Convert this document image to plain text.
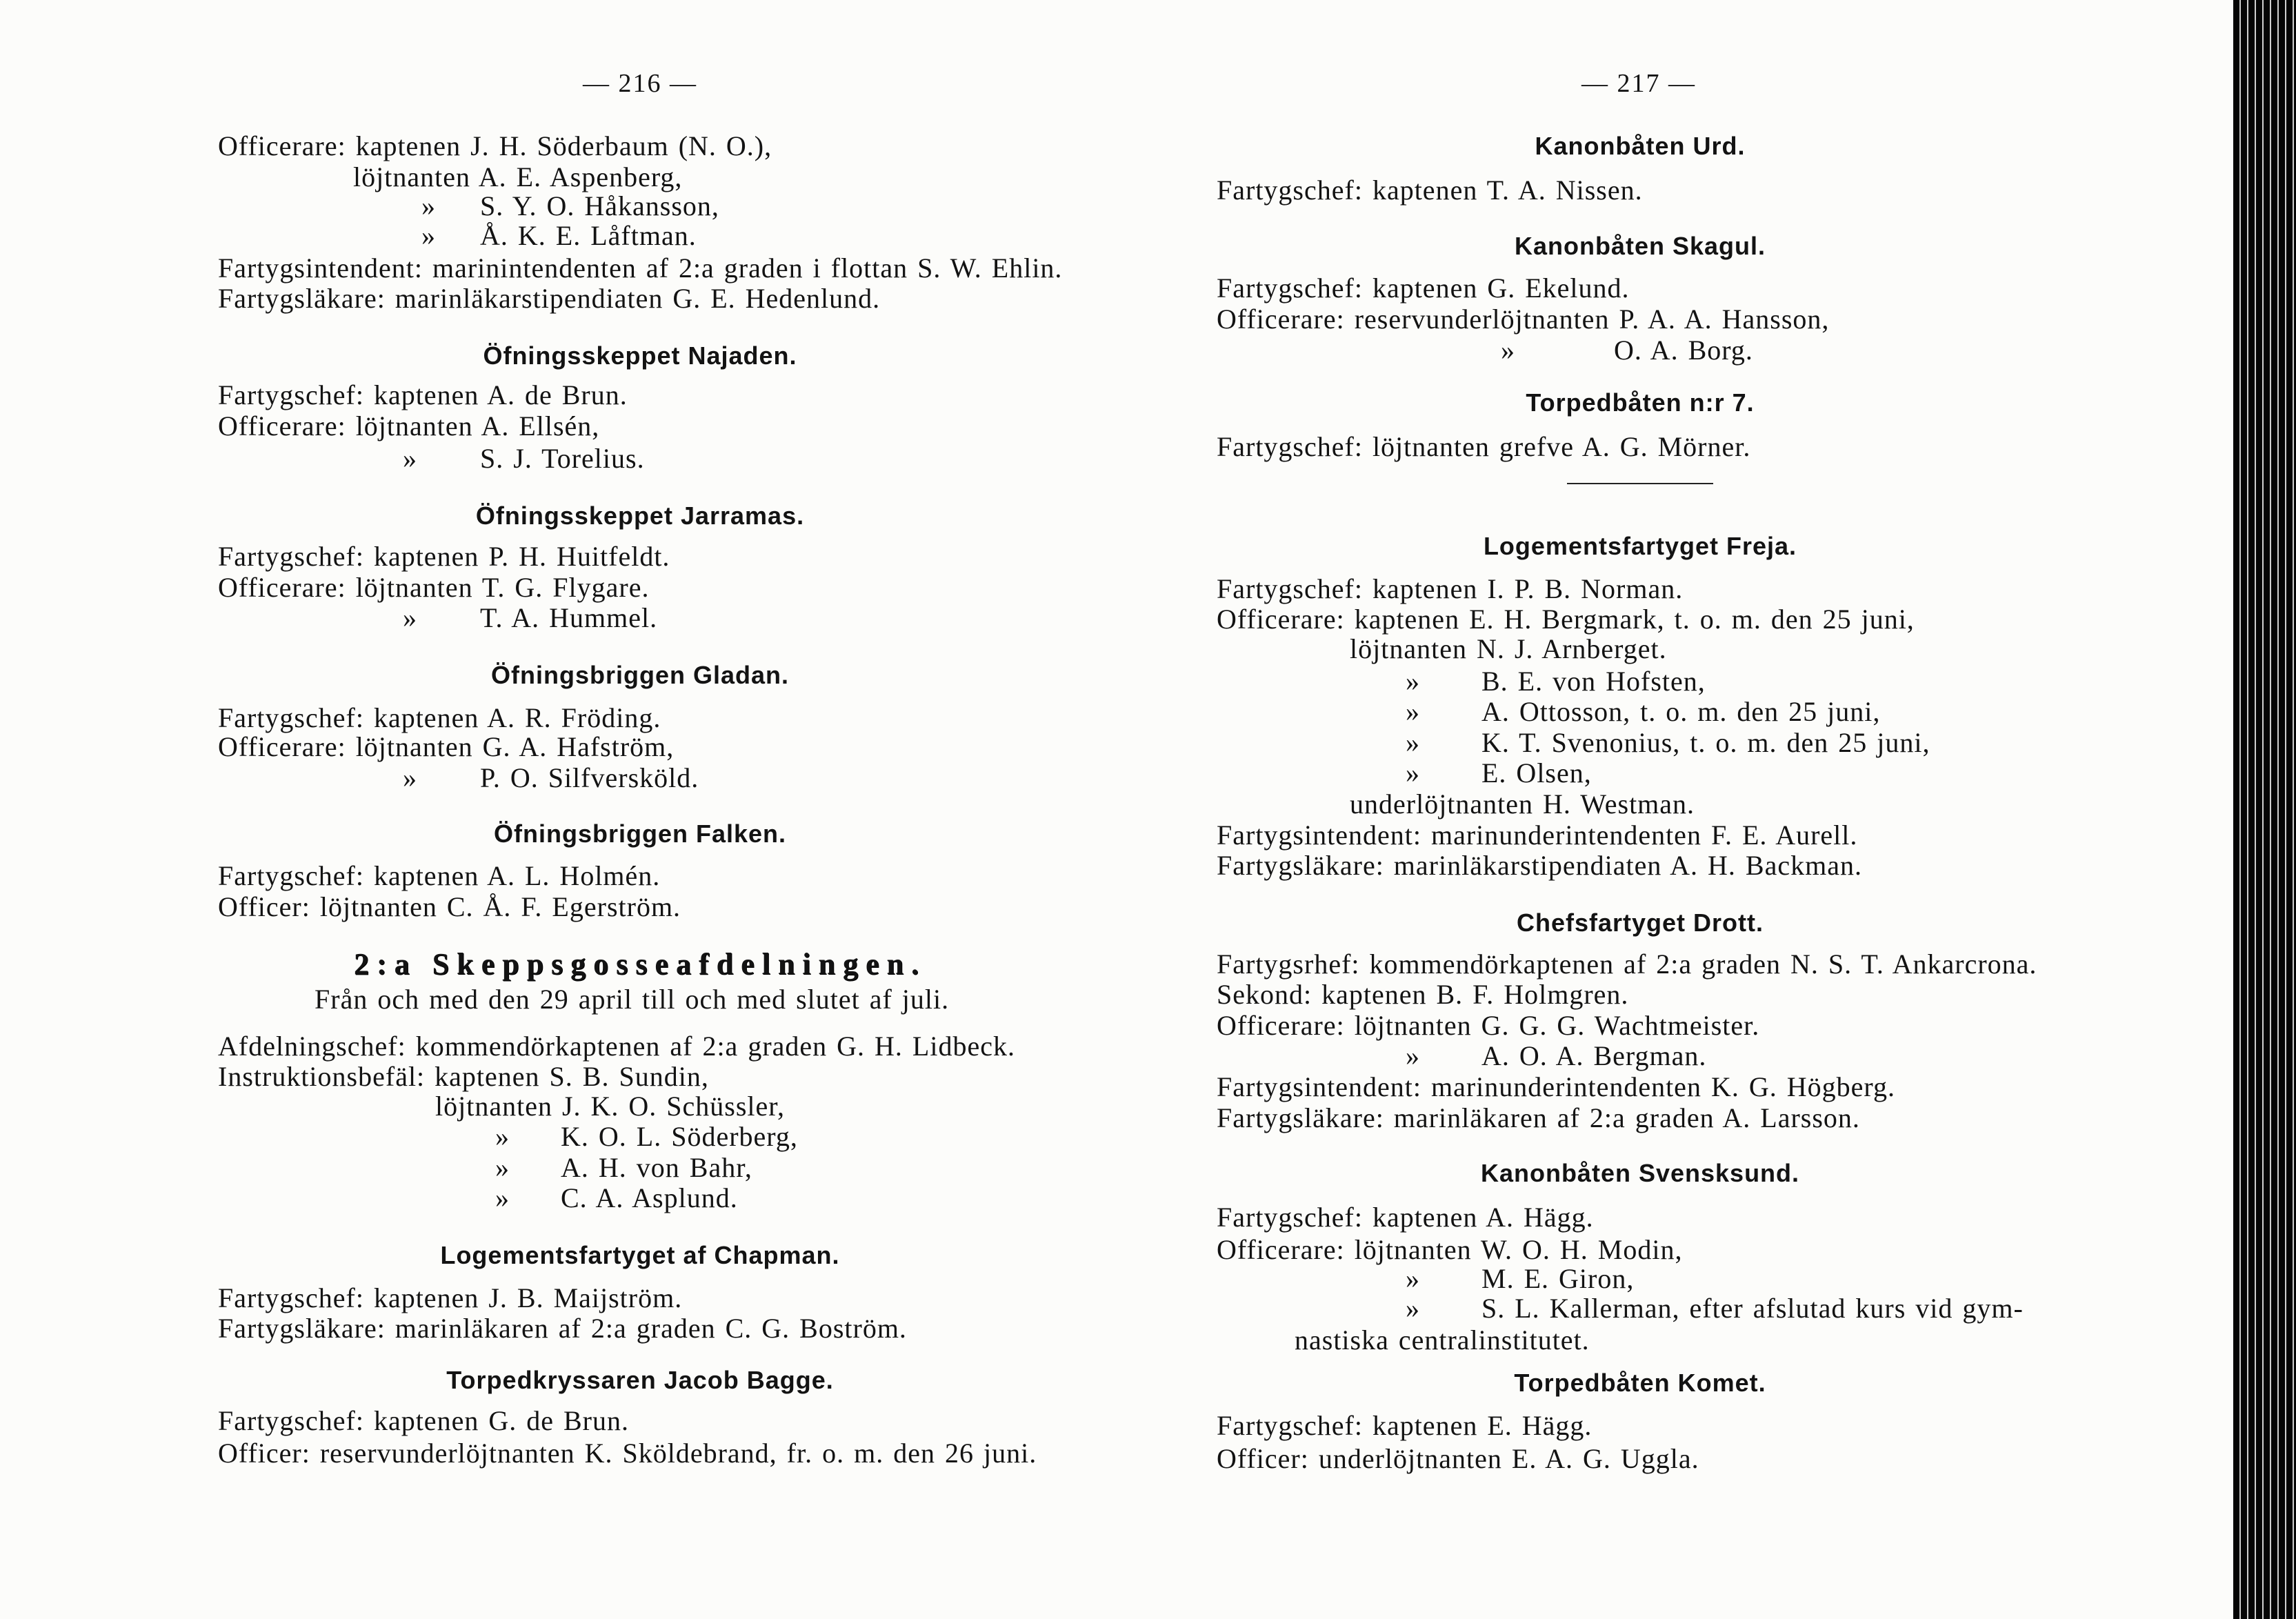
— 216 —
Officerare: kaptenen J. H. Söderbaum (N. O.),
löjtnanten A. E. Aspenberg,
» S. Y. O. Håkansson,
» Å. K. E. Låftman.
Fartygsintendent: marinintendenten af 2:a graden i flottan S. W. Ehlin.
Fartygsläkare: marinläkarstipendiaten G. E. Hedenlund.
Öfningsskeppet Najaden.
Fartygschef: kaptenen A. de Brun.
Officerare: löjtnanten A. Ellsén,
» S. J. Torelius.
Öfningsskeppet Jarramas.
Fartygschef: kaptenen P. H. Huitfeldt.
Officerare: löjtnanten T. G. Flygare.
» T. A. Hummel.
Öfningsbriggen Gladan.
Fartygschef: kaptenen A. R. Fröding.
Officerare: löjtnanten G. A. Hafström,
» P. O. Silfversköld.
Öfningsbriggen Falken.
Fartygschef: kaptenen A. L. Holmén.
Officer: löjtnanten C. Å. F. Egerström.
2:a Skeppsgosseafdelningen.
Från och med den 29 april till och med slutet af juli.
Afdelningschef: kommendörkaptenen af 2:a graden G. H. Lidbeck.
Instruktionsbefäl: kaptenen S. B. Sundin,
löjtnanten J. K. O. Schüssler,
» K. O. L. Söderberg,
» A. H. von Bahr,
» C. A. Asplund.
Logementsfartyget af Chapman.
Fartygschef: kaptenen J. B. Maijström.
Fartygsläkare: marinläkaren af 2:a graden C. G. Boström.
Torpedkryssaren Jacob Bagge.
Fartygschef: kaptenen G. de Brun.
Officer: reservunderlöjtnanten K. Sköldebrand, fr. o. m. den 26 juni.
— 217 —
Kanonbåten Urd.
Fartygschef: kaptenen T. A. Nissen.
Kanonbåten Skagul.
Fartygschef: kaptenen G. Ekelund.
Officerare: reservunderlöjtnanten P. A. A. Hansson,
»	O. A. Borg.
Torpedbåten n:r 7.
Fartygschef: löjtnanten grefve A. G. Mörner.
Logementsfartyget Freja.
Fartygschef: kaptenen I. P. B. Norman.
Officerare: kaptenen E. H. Bergmark, t. o. m. den 25 juni,
löjtnanten N. J. Arnberget.
» B. E. von Hofsten,
» A. Ottosson, t. o. m. den 25 juni,
» K. T. Svenonius, t. o. m. den 25 juni,
» E. Olsen,
underlöjtnanten H. Westman.
Fartygsintendent: marinunderintendenten F. E. Aurell.
Fartygsläkare: marinläkarstipendiaten A. H. Backman.
Chefsfartyget Drott.
Fartygsrhef: kommendörkaptenen af 2:a graden N. S. T. Ankarcrona.
Sekond: kaptenen B. F. Holmgren.
Officerare: löjtnanten G. G. G. Wachtmeister.
» A. O. A. Bergman.
Fartygsintendent: marinunderintendenten K. G. Högberg.
Fartygsläkare: marinläkaren af 2:a graden A. Larsson.
Kanonbåten Svensksund.
Fartygschef: kaptenen A. Hägg.
Officerare: löjtnanten W. O. H. Modin,
» M. E. Giron,
» S. L. Kallerman, efter afslutad kurs vid gym-
nastiska centralinstitutet.
Torpedbåten Komet.
Fartygschef: kaptenen E. Hägg.
Officer: underlöjtnanten E. A. G. Uggla.
